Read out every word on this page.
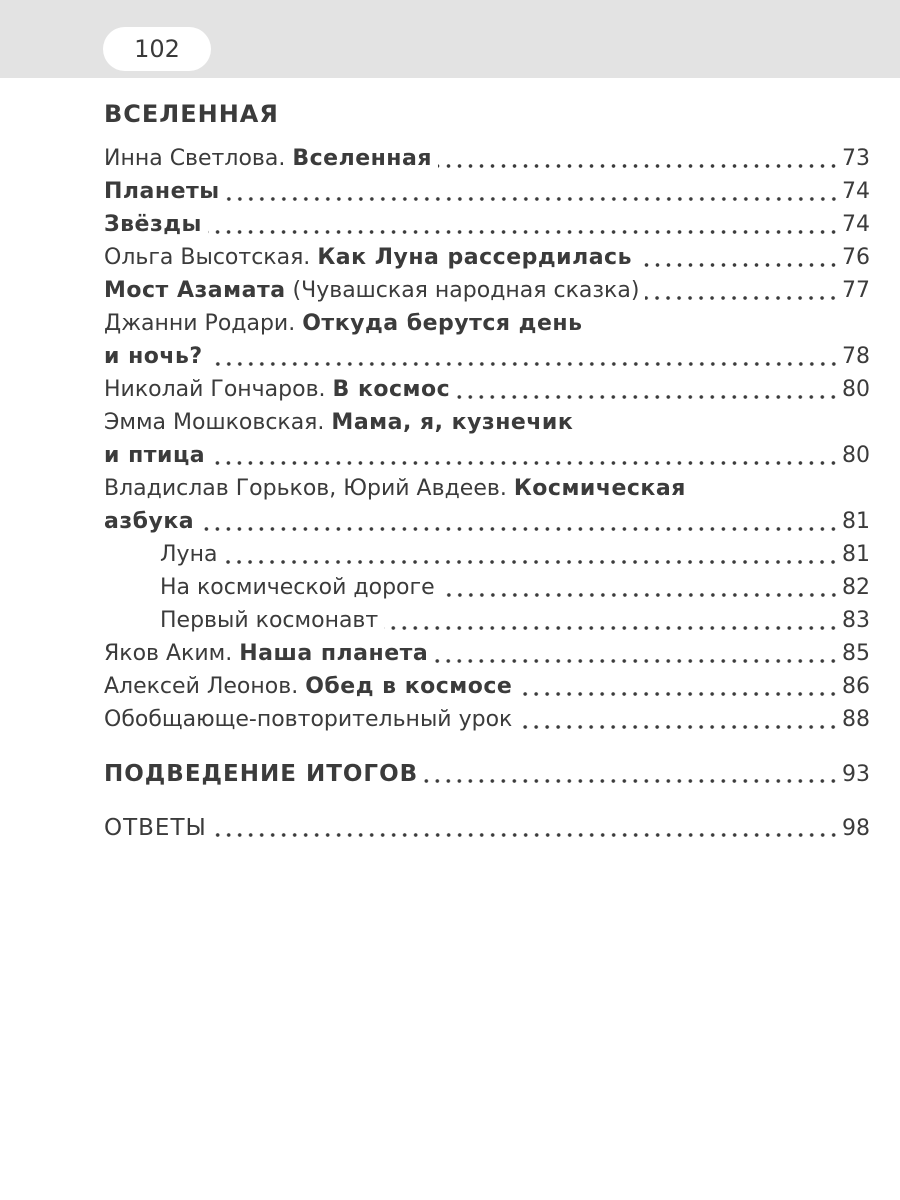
102
ВСЕЛЕННАЯ
Инна Светлова. Вселенная	73
Планеты	74
Звёзды	74
Ольга Высотская. Как Луна рассердилась	76
Мост Азамата (Чувашская народная сказка)	77
Джанни Родари. Откуда берутся день
и ночь?	78
Николай Гончаров. В космос	80
Эмма Мошковская. Мама, я, кузнечик
и птица	80
Владислав Горьков, Юрий Авдеев. Космическая
азбука	81
Луна	81
На космической дороге	82
Первый космонавт	83
Яков Аким. Наша планета	85
Алексей Леонов. Обед в космосе	86
Обобщающе-повторительный урок	88
ПОДВЕДЕНИЕ ИТОГОВ	93
ОТВЕТЫ	98
